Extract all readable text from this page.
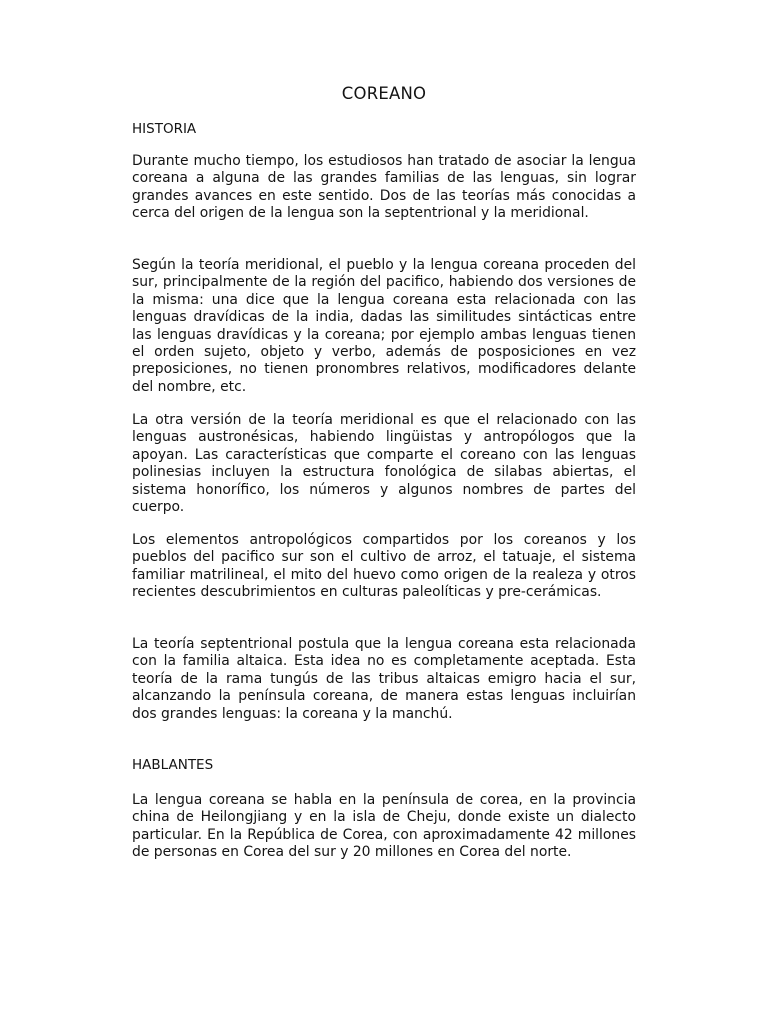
COREANO
HISTORIA

Durante mucho tiempo, los estudiosos han tratado de asociar la lengua coreana a alguna de las grandes familias de las lenguas, sin lograr grandes avances en este sentido. Dos de las teorías más conocidas a cerca del origen de la lengua son la septentrional y la meridional.

Según la teoría meridional, el pueblo y la lengua coreana proceden del sur, principalmente de la región del pacifico, habiendo dos versiones de la misma: una dice que la lengua coreana esta relacionada con las lenguas dravídicas de la india, dadas las similitudes sintácticas entre las lenguas dravídicas y la coreana; por ejemplo ambas lenguas tienen el orden sujeto, objeto y verbo, además de posposiciones en vez preposiciones, no tienen pronombres relativos, modificadores delante del nombre, etc.

La otra versión de la teoría meridional es que el relacionado con las lenguas austronésicas, habiendo lingüistas y antropólogos que la apoyan. Las características que comparte el coreano con las lenguas polinesias incluyen la estructura fonológica de silabas abiertas, el sistema honorífico, los números y algunos nombres de partes del cuerpo.

Los elementos antropológicos compartidos por los coreanos y los pueblos del pacifico sur son el cultivo de arroz, el tatuaje, el sistema familiar matrilineal, el mito del huevo como origen de la realeza y otros recientes descubrimientos en culturas paleolíticas y pre-cerámicas.

La teoría septentrional postula que la lengua coreana esta relacionada con la familia altaica. Esta idea no es completamente aceptada. Esta teoría de la rama tungús de las tribus altaicas emigro hacia el sur, alcanzando la península coreana, de manera estas lenguas incluirían dos grandes lenguas: la coreana y la manchú.

HABLANTES

La lengua coreana se habla en la península de corea, en la provincia china de Heilongjiang y en la isla de Cheju, donde existe un dialecto particular. En la República de Corea, con aproximadamente 42 millones de personas en Corea del sur y 20 millones en Corea del norte.
